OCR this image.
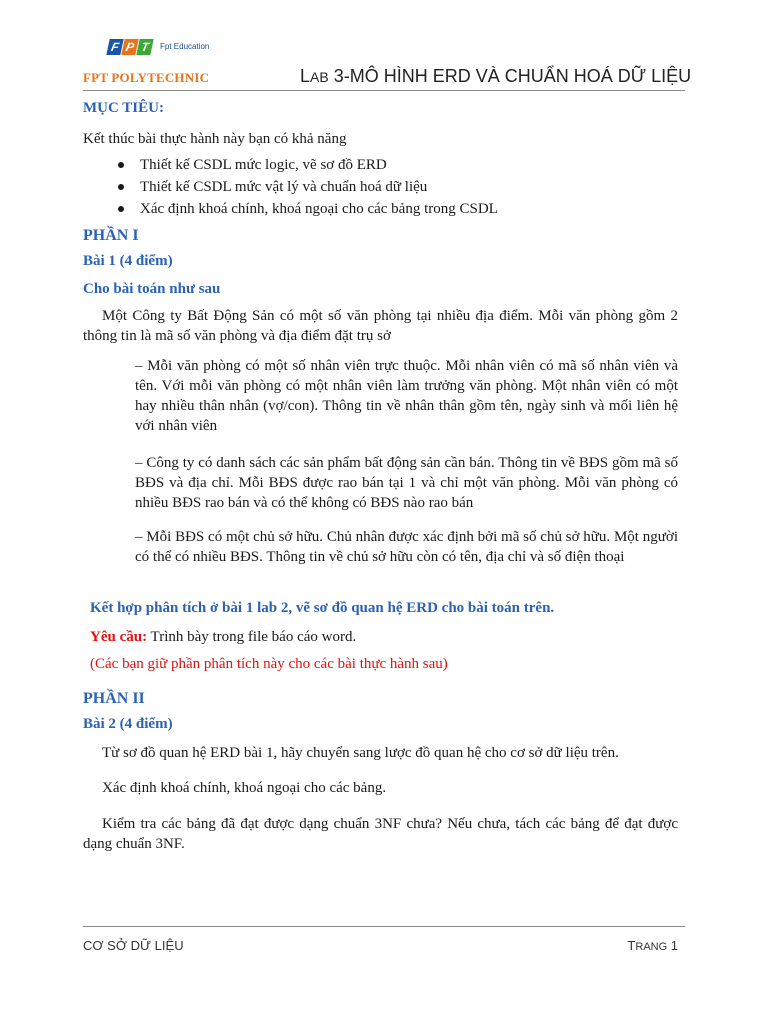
F P T Fpt Education
FPT POLYTECHNIC	LAB 3-MÔ HÌNH ERD VÀ CHUẨN HOÁ DỮ LIỆU
MỤC TIÊU:
Kết thúc bài thực hành này bạn có khả năng
Thiết kế CSDL mức logic, vẽ sơ đồ ERD
Thiết kế CSDL mức vật lý và chuẩn hoá dữ liệu
Xác định khoá chính, khoá ngoại cho các bảng trong CSDL
PHẦN I
Bài 1 (4 điểm)
Cho bài toán như sau
Một Công ty Bất Động Sản có một số văn phòng tại nhiều địa điểm. Mỗi văn phòng gồm 2 thông tin là mã số văn phòng và địa điểm đặt trụ sở
– Mỗi văn phòng có một số nhân viên trực thuộc. Mỗi nhân viên có mã số nhân viên và tên. Với mỗi văn phòng có một nhân viên làm trưởng văn phòng. Một nhân viên có một hay nhiều thân nhân (vợ/con). Thông tin về nhân thân gồm tên, ngày sinh và mối liên hệ với nhân viên
– Công ty có danh sách các sản phẩm bất động sản cần bán. Thông tin về BĐS gồm mã số BĐS và địa chỉ. Mỗi BĐS được rao bán tại 1 và chỉ một văn phòng. Mỗi văn phòng có nhiều BĐS rao bán và có thể không có BĐS nào rao bán
– Mỗi BĐS có một chủ sở hữu. Chủ nhân được xác định bởi mã số chủ sở hữu. Một người có thể có nhiều BĐS. Thông tin về chủ sở hữu còn có tên, địa chỉ và số điện thoại
Kết hợp phân tích ở bài 1 lab 2, vẽ sơ đồ quan hệ ERD cho bài toán trên.
Yêu cầu: Trình bày trong file báo cáo word.
(Các bạn giữ phần phân tích này cho các bài thực hành sau)
PHẦN II
Bài 2 (4 điểm)
Từ sơ đồ quan hệ ERD bài 1, hãy chuyển sang lược đồ quan hệ cho cơ sở dữ liệu trên.
Xác định khoá chính, khoá ngoại cho các bảng.
Kiểm tra các bảng đã đạt được dạng chuẩn 3NF chưa? Nếu chưa, tách các bảng để đạt được dạng chuẩn 3NF.
CƠ SỞ DỮ LIỆU	TRANG 1
